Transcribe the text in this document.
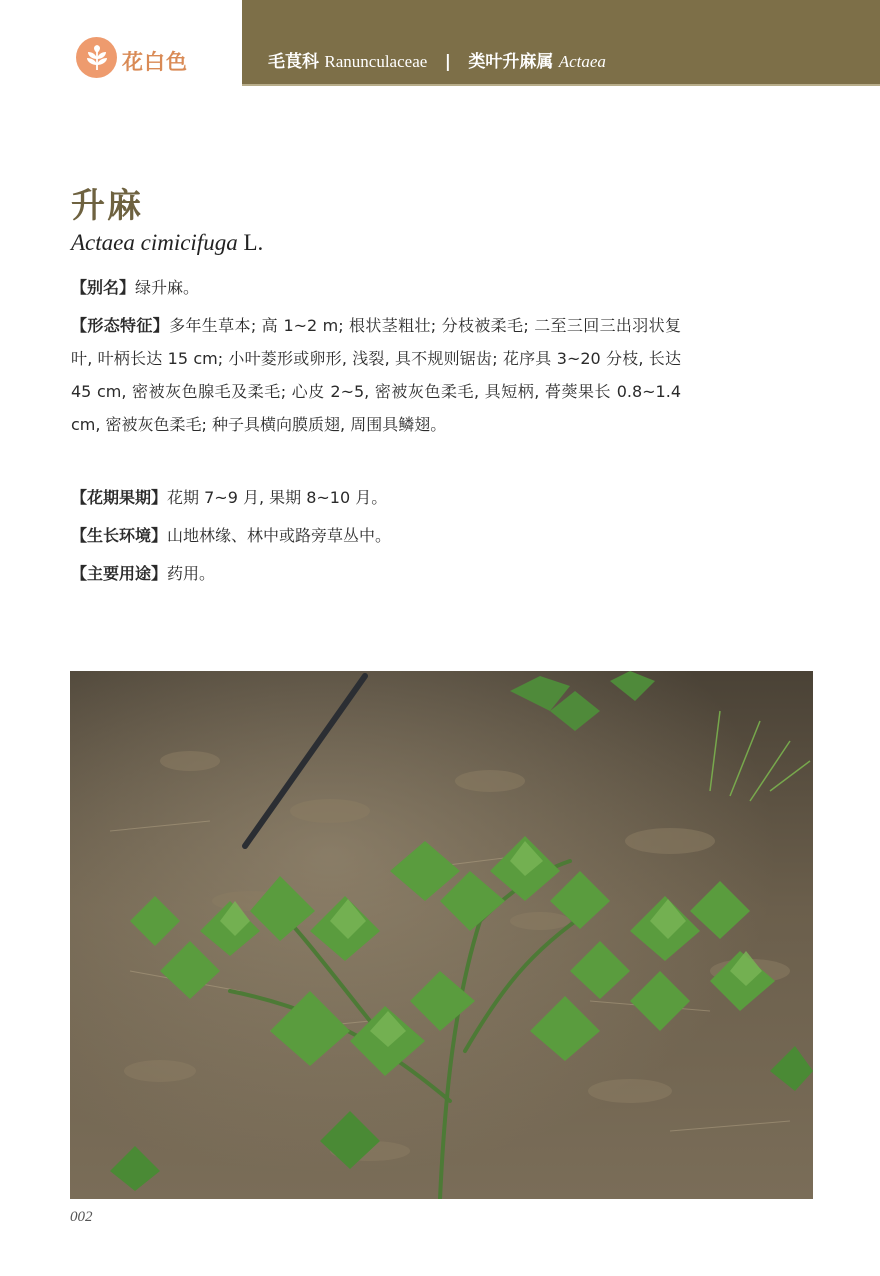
花白色	毛茛科 Ranunculaceae | 类叶升麻属 Actaea
升麻
Actaea cimicifuga L.
【别名】绿升麻。
【形态特征】多年生草本; 高 1~2 m; 根状茎粗壮; 分枝被柔毛; 二至三回三出羽状复叶, 叶柄长达 15 cm; 小叶菱形或卵形, 浅裂, 具不规则锯齿; 花序具 3~20 分枝, 长达 45 cm, 密被灰色腺毛及柔毛; 心皮 2~5, 密被灰色柔毛, 具短柄, 蓇葖果长 0.8~1.4 cm, 密被灰色柔毛; 种子具横向膜质翅, 周围具鳞翅。
【花期果期】花期 7~9 月, 果期 8~10 月。
【生长环境】山地林缘、林中或路旁草丛中。
【主要用途】药用。
002
